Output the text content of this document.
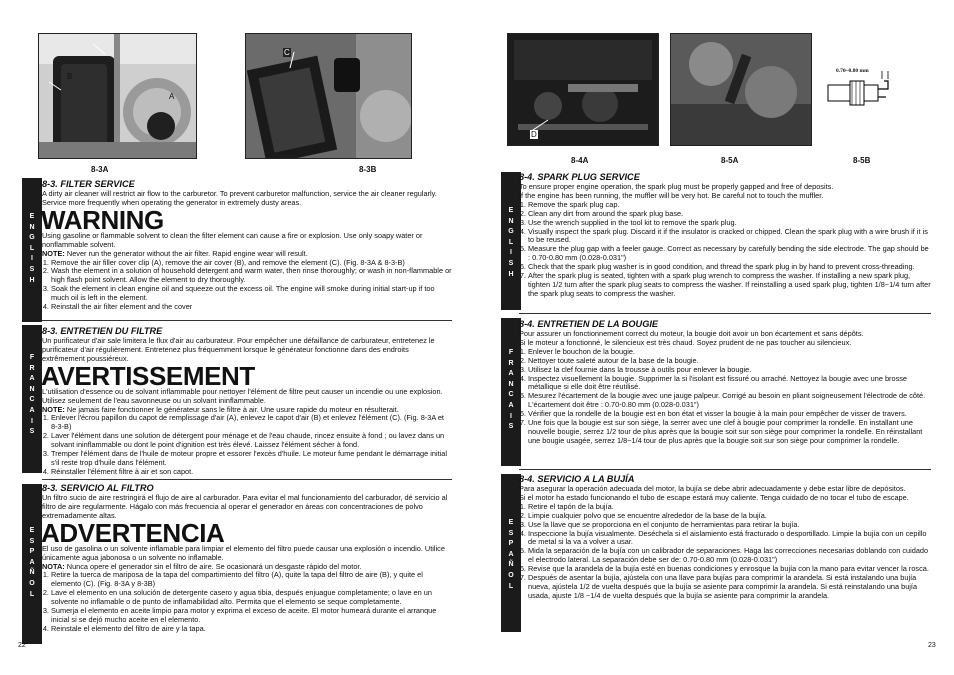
B
A
8-3A
C
8-3B
E
N
G
L
I
S
H
8-3. FILTER SERVICE

A dirty air cleaner will restrict air flow to the carburetor. To prevent carburetor malfunction, service the air cleaner regularly. Service more frequently when operating the generator in extremely dusty areas.

WARNING

Using gasoline or flammable solvent to clean the filter element can cause a fire or explosion. Use only soapy water or nonflammable solvent.

NOTE: Never run the generator without the air filter. Rapid engine wear will result.

1. Remove the air filler cover clip (A), remove the air cover (B), and remove the element (C). (Fig. 8-3A & 8-3-B)
2. Wash the element in a solution of household detergent and warm water, then rinse thoroughly; or wash in non-flammable or high flash point solvent. Allow the element to dry thoroughly.
3. Soak the element in clean engine oil and squeeze out the excess oil. The engine will smoke during initial start-up if too much oil is left in the element.
4. Reinstall the air filter element and the cover
F
R
A
N
C
A
I
S
8-3. ENTRETIEN DU FILTRE

Un purificateur d'air sale limitera le flux d'air au carburateur. Pour empêcher une défaillance de carburateur, entretenez le purificateur d'air régulièrement. Entretenez plus fréquemment lorsque le générateur fonctionne dans des endroits extrêmement poussiéreux.

AVERTISSEMENT

L'utilisation d'essence ou de solvant inflammable pour nettoyer l'élément de filtre peut causer un incendie ou une explosion. Utilisez seulement de l'eau savonneuse ou un solvant ininflammable.

NOTE: Ne jamais faire fonctionner le générateur sans le filtre à air. Une usure rapide du moteur en résulterait.

1. Enlever l'écrou papillon du capot de remplissage d'air (A), enlevez le capot d'air (B) et enlevez l'élément (C). (Fig. 8-3A et 8-3-B)
2. Laver l'élément dans une solution de détergent pour ménage et de l'eau chaude, rincez ensuite à fond ; ou lavez dans un solvant ininflammable ou dont le point d'ignition est très élevé. Laissez l'élément sécher à fond.
3. Tremper l'élément dans de l'huile de moteur propre et essorer l'excès d'huile. Le moteur fume pendant le démarrage initial s'il reste trop d'huile dans l'élément.
4. Réinstaller l'élément filtre à air et son capot.
E
S
P
A
Ñ
O
L
8-3. SERVICIO AL FILTRO

Un filtro sucio de aire restringirá el flujo de aire al carburador. Para evitar el mal funcionamiento del carburador, dé servicio al filtro de aire regularmente. Hágalo con más frecuencia al operar el generador en áreas con concentraciones de polvo extremadamente altas.

ADVERTENCIA

El uso de gasolina o un solvente inflamable para limpiar el elemento del filtro puede causar una explosión o incendio. Utilice únicamente agua jabonosa o un solvente no inflamable.

NOTA: Nunca opere el generador sin el filtro de aire. Se ocasionará un desgaste rápido del motor.

1. Retire la tuerca de mariposa de la tapa del compartimiento del filtro (A), quite la tapa del filtro de aire (B), y quite el elemento (C). (Fig. 8-3A y 8-3B)
2. Lave el elemento en una solución de detergente casero y agua tibia, después enjuague completamente; o lave en un solvente no inflamable o de punto de inflamabilidad alto. Permita que el elemento se seque completamente.
3. Sumerja el elemento en aceite limpio para motor y exprima el exceso de aceite. El motor humeará durante el arranque inicial si se dejó mucho aceite en el elemento.
4. Reinstale el elemento del filtro de aire y la tapa.
22
D
8-4A	8-5A
0.70~0.80 mm
8-5B
E
N
G
L
I
S
H
8-4. SPARK PLUG SERVICE

To ensure proper engine operation, the spark plug must be properly gapped and free of deposits.

If the engine has been running, the muffler will be very hot. Be careful not to touch the muffler.

1. Remove the spark plug cap.
2. Clean any dirt from around the spark plug base.
3. Use the wrench supplied in the tool kit to remove the spark plug.
4. Visually inspect the spark plug. Discard it if the insulator is cracked or chipped. Clean the spark plug with a wire brush if it is to be reused.
5. Measure the plug gap with a feeler gauge. Correct as necessary by carefully bending the side electrode. The gap should be : 0.70-0.80 mm (0.028-0.031")
6. Check that the spark plug washer is in good condition, and thread the spark plug in by hand to prevent cross-threading.
7. After the spark plug is seated, tighten with a spark plug wrench to compress the washer. If installing a new spark plug, tighten 1/2 turn after the spark plug seats to compress the washer. If reinstalling a used spark plug, tighten 1/8~1/4 turn after the spark plug seats to compress the washer.
F
R
A
N
C
A
I
S
8-4. ENTRETIEN DE LA BOUGIE

Pour assurer un fonctionnement correct du moteur, la bougie doit avoir un bon écartement et sans dépôts.

Si le moteur a fonctionné, le silencieux est très chaud. Soyez prudent de ne pas toucher au silencieux.

1. Enlever le bouchon de la bougie.
2. Nettoyer toute saleté autour de la base de la bougie.
3. Utilisez la clef fournie dans la trousse à outils pour enlever la bougie.
4. Inspectez visuellement la bougie. Supprimer la si l'isolant est fissuré ou arraché. Nettoyez la bougie avec une brosse métallique si elle doit être réutilisé.
5. Mesurez l'écartement de la bougie avec une jauge palpeur. Corrigé au besoin en pliant soigneusement l'électrode de côté. L'écartement doit être : 0.70-0.80 mm (0.028-0.031")
6. Vérifier que la rondelle de la bougie est en bon état et visser la bougie à la main pour empêcher de visser de travers.
7. Une fois que la bougie est sur son siège, la serrer avec une clef à bougie pour comprimer la rondelle. En installant une nouvelle bougie, serrez 1/2 tour de plus après que la bougie soit sur son siège pour comprimer la rondelle. En réinstallant une bougie usagée, serrez 1/8~1/4 tour de plus après que la bougie soit sur son siège pour comprimer la rondelle.
E
S
P
A
Ñ
O
L
8-4. SERVICIO A LA BUJÍA

Para asegurar la operación adecuada del motor, la bujía se debe abrir adecuadamente y debe estar libre de depósitos.

Si el motor ha estado funcionando el tubo de escape estará muy caliente. Tenga cuidado de no tocar el tubo de escape.

1. Retire el tapón de la bujía.
2. Limpie cualquier polvo que se encuentre alrededor de la base de la bujía.
3. Use la llave que se proporciona en el conjunto de herramientas para retirar la bujía.
4. Inspeccione la bujía visualmente. Deséchela si el aislamiento está fracturado o desportillado. Limpie la bujía con un cepillo de metal si la va a volver a usar.
5. Mida la separación de la bujía con un calibrador de separaciones. Haga las correcciones necesarias doblando con cuidado el electrodo lateral. La separación debe ser de: 0.70-0.80 mm (0.028-0.031")
6. Revise que la arandela de la bujía esté en buenas condiciones y enrosque la bujía con la mano para evitar vencer la rosca.
7. Después de asentar la bujía, ajústela con una llave para bujías para comprimir la arandela. Si está instalando una bujía nueva, ajústela 1/2 de vuelta después que la bujía se asiente para comprimir la arandela. Si está reinstalando una bujía usada, ajuste 1/8 ~1/4 de vuelta después que la bujía se asiente para comprimir la arandela.
23
